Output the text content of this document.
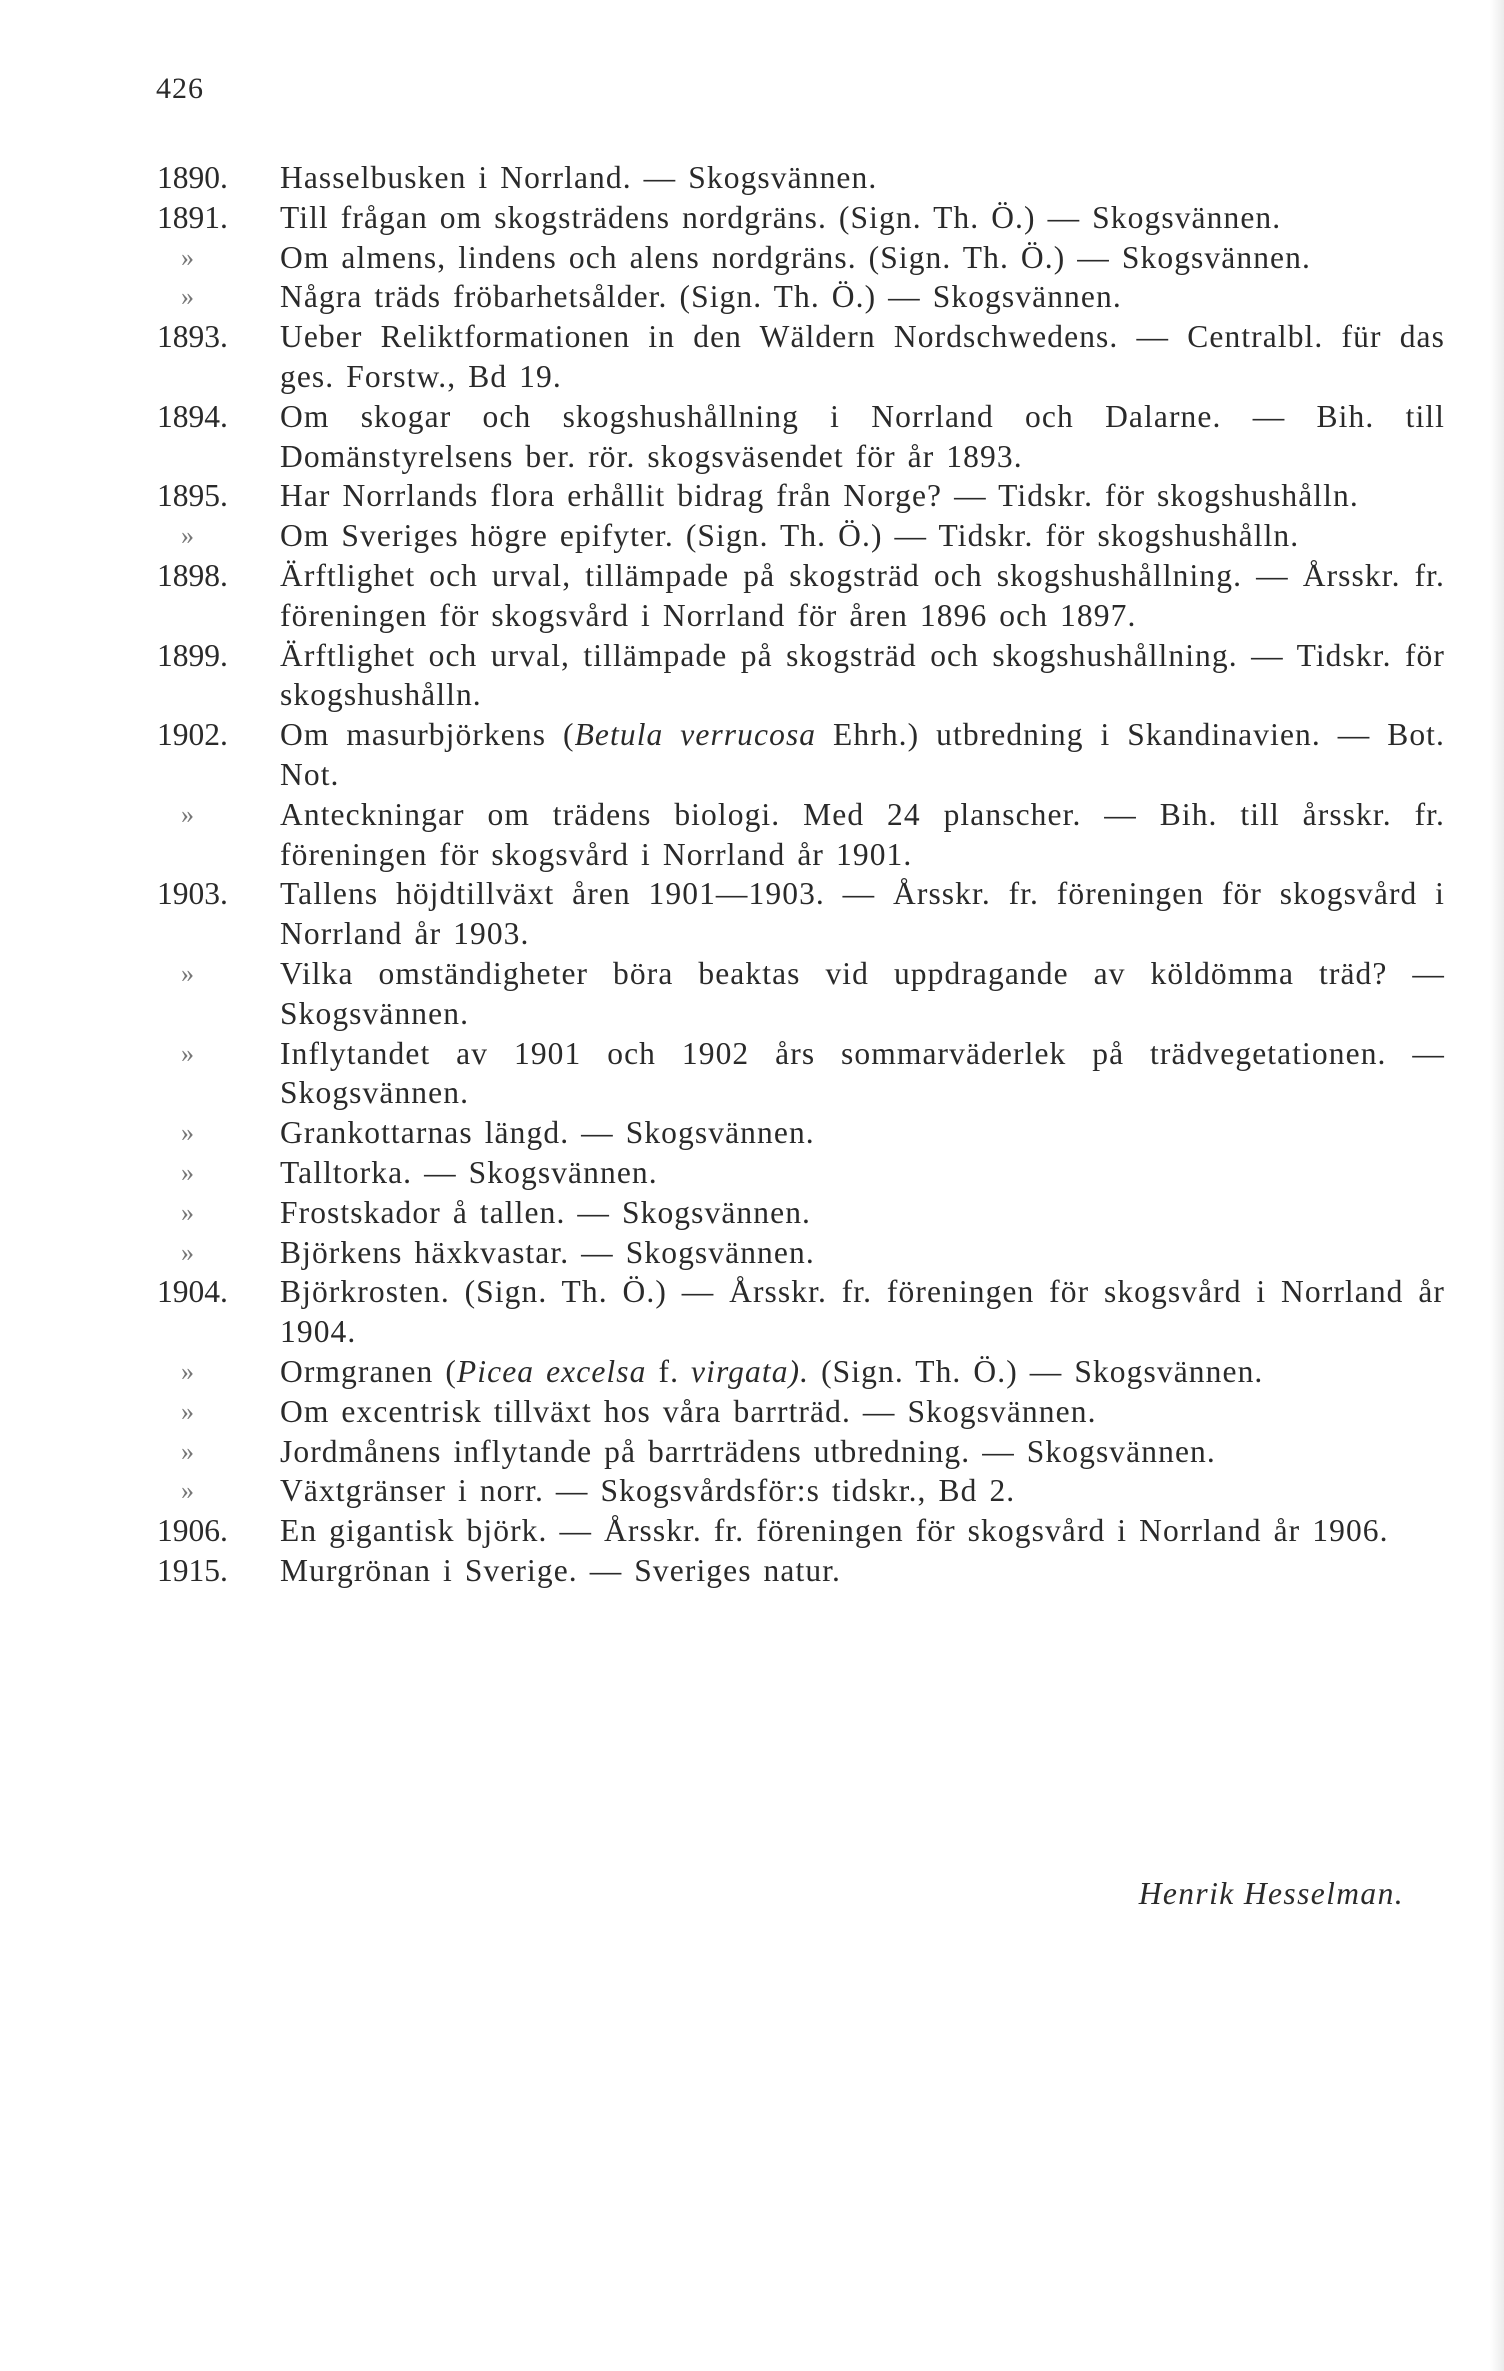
426
1890.	Hasselbusken i Norrland. — Skogsvännen.
1891.	Till frågan om skogsträdens nordgräns. (Sign. Th. Ö.) — Skogsvännen.
»	Om almens, lindens och alens nordgräns. (Sign. Th. Ö.) — Skogsvännen.
»	Några träds fröbarhetsålder. (Sign. Th. Ö.) — Skogsvännen.
1893.	Ueber Reliktformationen in den Wäldern Nordschwedens. — Centralbl. für das ges. Forstw., Bd 19.
1894.	Om skogar och skogshushållning i Norrland och Dalarne. — Bih. till Domänstyrelsens ber. rör. skogsväsendet för år 1893.
1895.	Har Norrlands flora erhållit bidrag från Norge? — Tidskr. för skogshushålln.
»	Om Sveriges högre epifyter. (Sign. Th. Ö.) — Tidskr. för skogshushålln.
1898.	Ärftlighet och urval, tillämpade på skogsträd och skogshushållning. — Årsskr. fr. föreningen för skogsvård i Norrland för åren 1896 och 1897.
1899.	Ärftlighet och urval, tillämpade på skogsträd och skogshushållning. — Tidskr. för skogshushålln.
1902.	Om masurbjörkens (Betula verrucosa Ehrh.) utbredning i Skandinavien. — Bot. Not.
»	Anteckningar om trädens biologi. Med 24 planscher. — Bih. till årsskr. fr. föreningen för skogsvård i Norrland år 1901.
1903.	Tallens höjdtillväxt åren 1901—1903. — Årsskr. fr. föreningen för skogsvård i Norrland år 1903.
»	Vilka omständigheter böra beaktas vid uppdragande av köldömma träd? — Skogsvännen.
»	Inflytandet av 1901 och 1902 års sommarväderlek på trädvegetationen. — Skogsvännen.
»	Grankottarnas längd. — Skogsvännen.
»	Talltorka. — Skogsvännen.
»	Frostskador å tallen. — Skogsvännen.
»	Björkens häxkvastar. — Skogsvännen.
1904.	Björkrosten. (Sign. Th. Ö.) — Årsskr. fr. föreningen för skogsvård i Norrland år 1904.
»	Ormgranen (Picea excelsa f. virgata). (Sign. Th. Ö.) — Skogsvännen.
»	Om excentrisk tillväxt hos våra barrträd. — Skogsvännen.
»	Jordmånens inflytande på barrträdens utbredning. — Skogsvännen.
»	Växtgränser i norr. — Skogsvårdsför:s tidskr., Bd 2.
1906.	En gigantisk björk. — Årsskr. fr. föreningen för skogsvård i Norrland år 1906.
1915.	Murgrönan i Sverige. — Sveriges natur.
Henrik Hesselman.
